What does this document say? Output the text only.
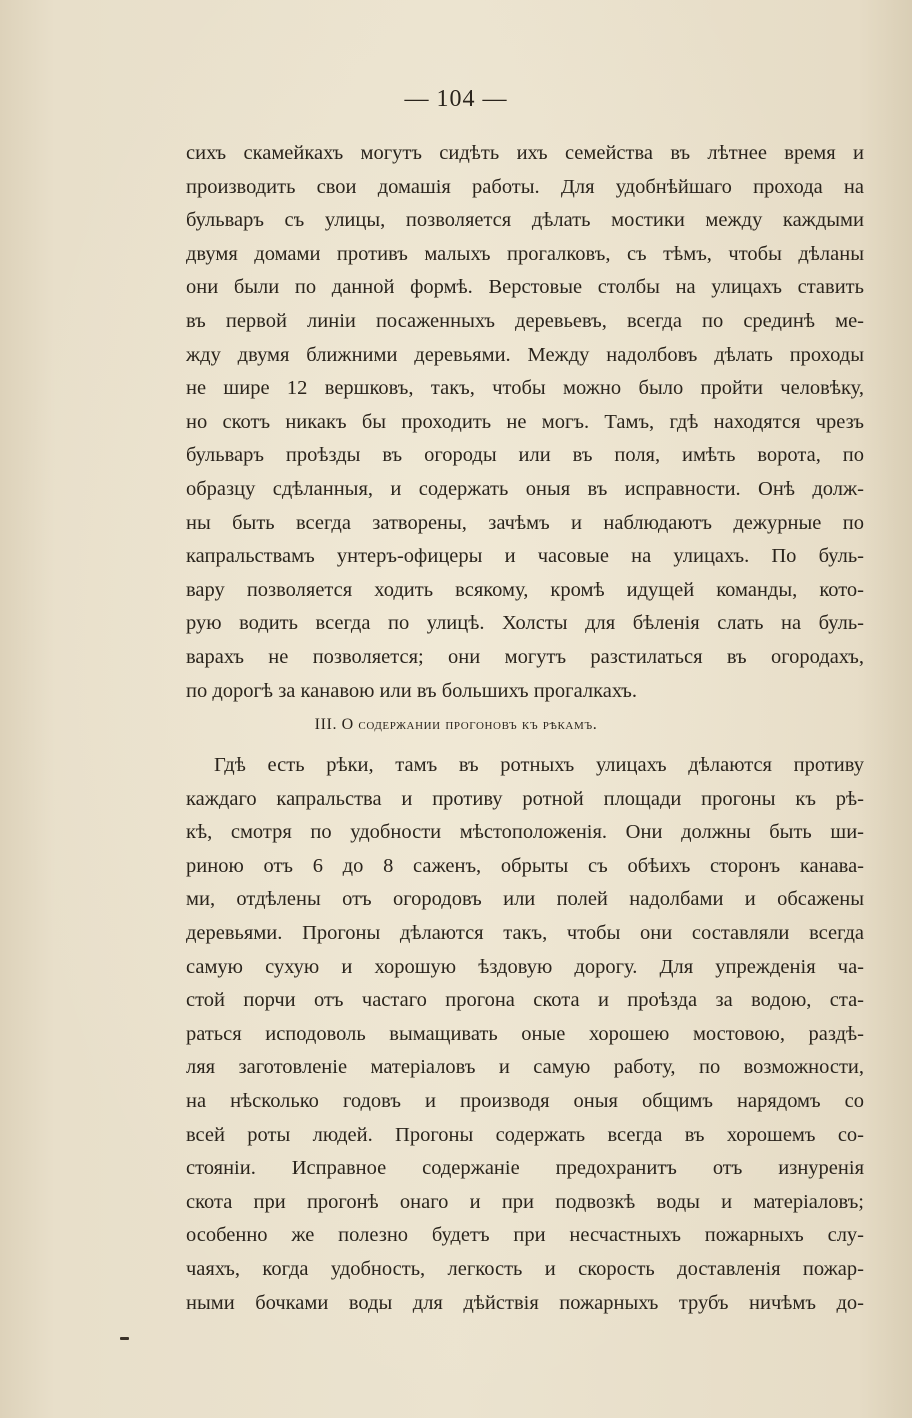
— 104 —
сихъ скамейкахъ могутъ сидѣть ихъ семейства въ лѣтнее время и
производить свои домашія работы. Для удобнѣйшаго прохода на
бульваръ съ улицы, позволяется дѣлать мостики между каждыми
двумя домами противъ малыхъ прогалковъ, съ тѣмъ, чтобы дѣланы
они были по данной формѣ. Верстовые столбы на улицахъ ставить
въ первой линіи посаженныхъ деревьевъ, всегда по срединѣ ме-
жду двумя ближними деревьями. Между надолбовъ дѣлать проходы
не шире 12 вершковъ, такъ, чтобы можно было пройти человѣку,
но скотъ никакъ бы проходить не могъ. Тамъ, гдѣ находятся чрезъ
бульваръ проѣзды въ огороды или въ поля, имѣть ворота, по
образцу сдѣланныя, и содержать оныя въ исправности. Онѣ долж-
ны быть всегда затворены, зачѣмъ и наблюдаютъ дежурные по
капральствамъ унтеръ-офицеры и часовые на улицахъ. По буль-
вару позволяется ходить всякому, кромѣ идущей команды, кото-
рую водить всегда по улицѣ. Холсты для бѣленія слать на буль-
варахъ не позволяется; они могутъ разстилаться въ огородахъ,
по дорогѣ за канавою или въ большихъ прогалкахъ.
III. О содержании прогоновъ къ рѣкамъ.
Гдѣ есть рѣки, тамъ въ ротныхъ улицахъ дѣлаются противу
каждаго капральства и противу ротной площади прогоны къ рѣ-
кѣ, смотря по удобности мѣстоположенія. Они должны быть ши-
риною отъ 6 до 8 саженъ, обрыты съ обѣихъ сторонъ канава-
ми, отдѣлены отъ огородовъ или полей надолбами и обсажены
деревьями. Прогоны дѣлаются такъ, чтобы они составляли всегда
самую сухую и хорошую ѣздовую дорогу. Для упрежденія ча-
стой порчи отъ частаго прогона скота и проѣзда за водою, ста-
раться исподоволь вымащивать оные хорошею мостовою, раздѣ-
ляя заготовленіе матеріаловъ и самую работу, по возможности,
на нѣсколько годовъ и производя оныя общимъ нарядомъ со
всей роты людей. Прогоны содержать всегда въ хорошемъ со-
стояніи. Исправное содержаніе предохранитъ отъ изнуренія
скота при прогонѣ онаго и при подвозкѣ воды и матеріаловъ;
особенно же полезно будетъ при несчастныхъ пожарныхъ слу-
чаяхъ, когда удобность, легкость и скорость доставленія пожар-
ными бочками воды для дѣйствія пожарныхъ трубъ ничѣмъ до-
